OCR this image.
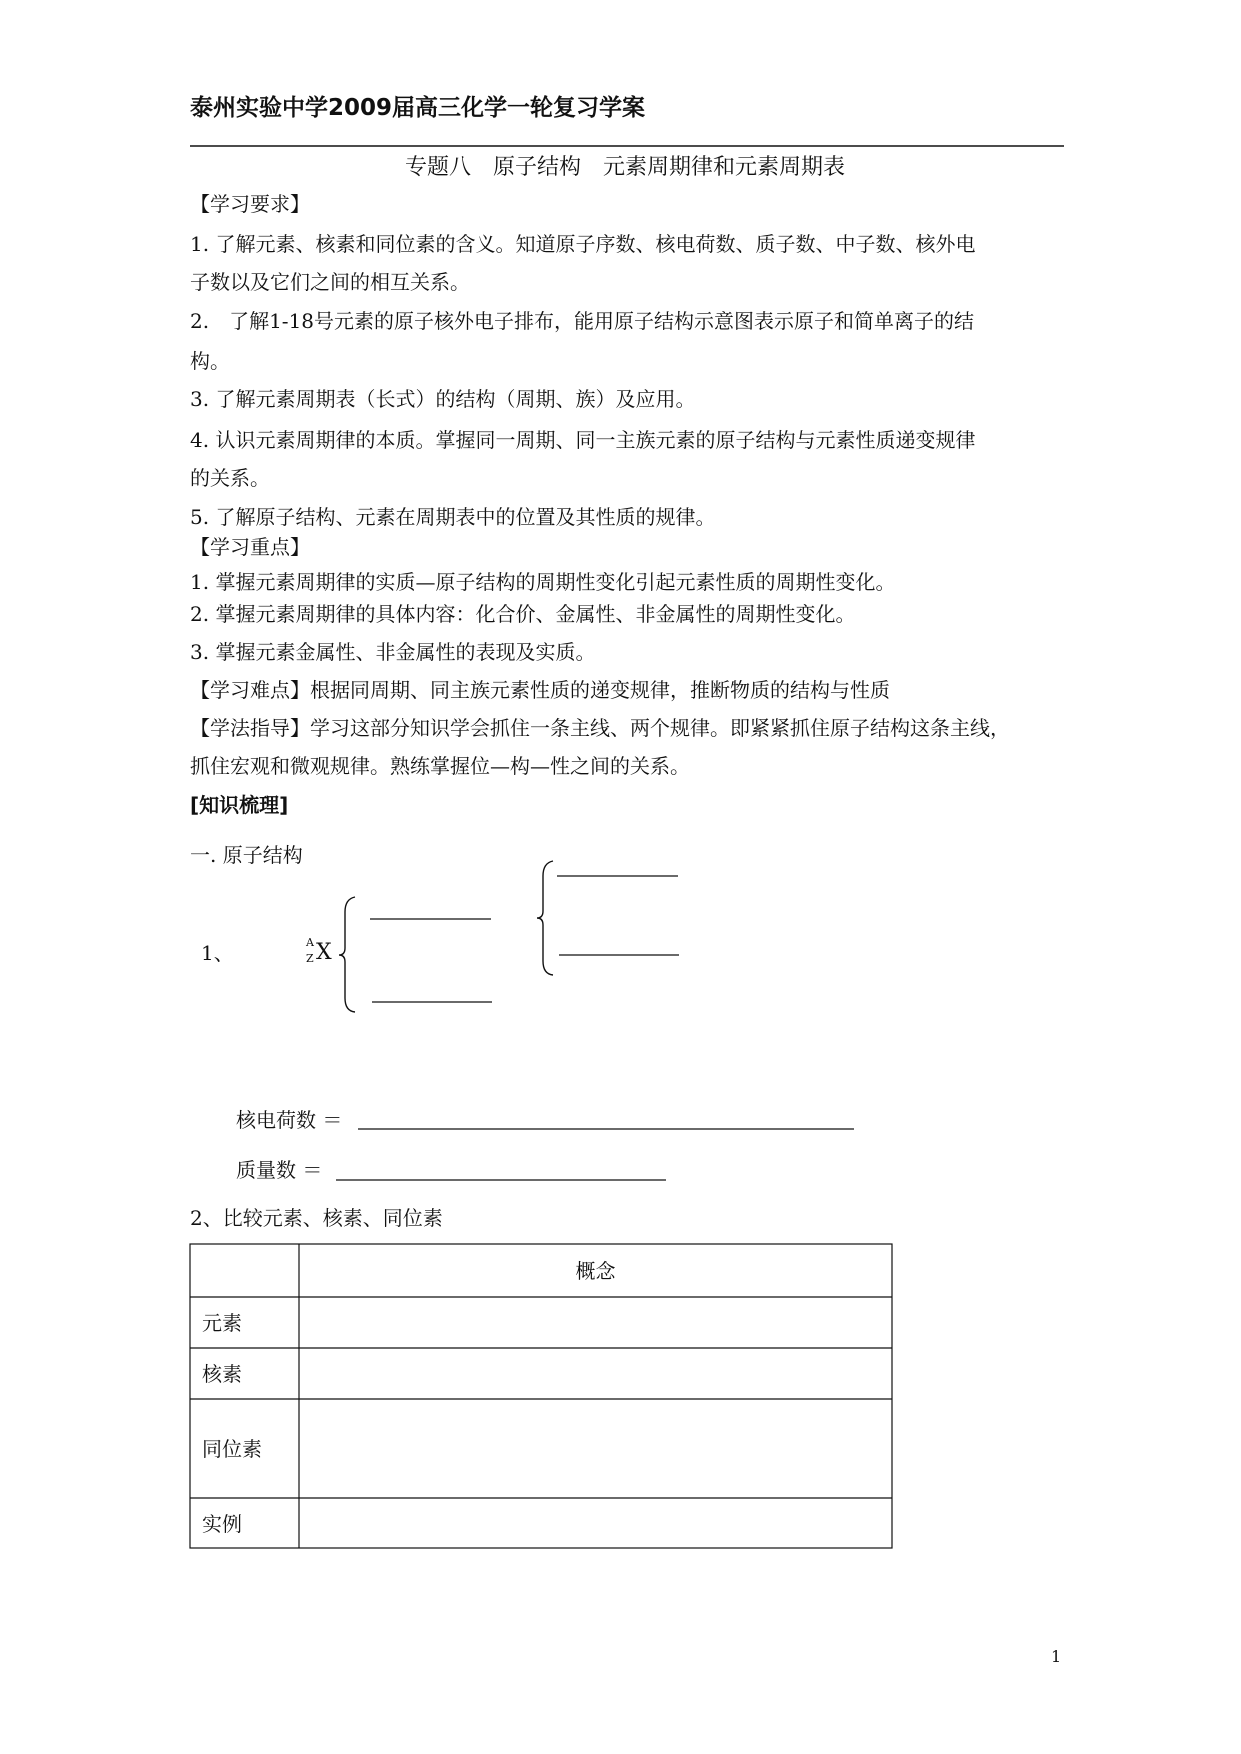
泰州实验中学2009届高三化学一轮复习学案
专题八　原子结构　元素周期律和元素周期表
【学习要求】
1. 了解元素、核素和同位素的含义。知道原子序数、核电荷数、质子数、中子数、核外电
子数以及它们之间的相互关系。
2.　了解1-18号元素的原子核外电子排布，能用原子结构示意图表示原子和简单离子的结
构。
3. 了解元素周期表（长式）的结构（周期、族）及应用。
4. 认识元素周期律的本质。掌握同一周期、同一主族元素的原子结构与元素性质递变规律
的关系。
5. 了解原子结构、元素在周期表中的位置及其性质的规律。
【学习重点】
1. 掌握元素周期律的实质—原子结构的周期性变化引起元素性质的周期性变化。
2. 掌握元素周期律的具体内容：化合价、金属性、非金属性的周期性变化。
3. 掌握元素金属性、非金属性的表现及实质。
【学习难点】根据同周期、同主族元素性质的递变规律，推断物质的结构与性质
【学法指导】学习这部分知识学会抓住一条主线、两个规律。即紧紧抓住原子结构这条主线，
抓住宏观和微观规律。熟练掌握位—构—性之间的关系。
[知识梳理]
一. 原子结构
1、	A
Z X
核电荷数 ＝
质量数 ＝
2、比较元素、核素、同位素
概念
元素
核素
同位素
实例
1
